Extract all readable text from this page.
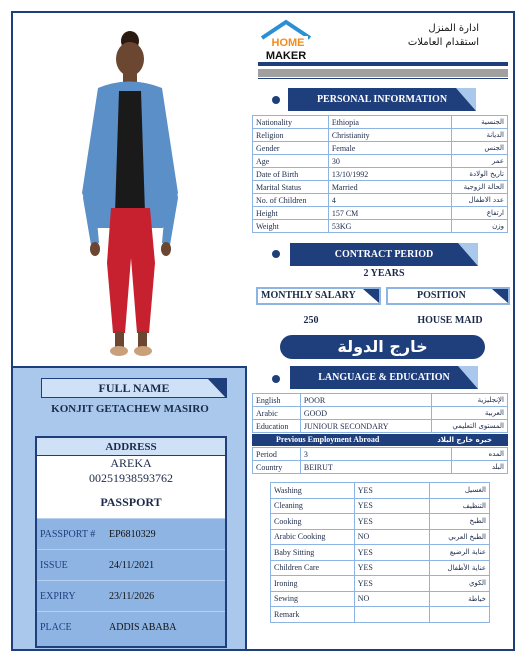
FULL NAME
KONJIT GETACHEW MASIRO
ADDRESS
AREKA
00251938593762
PASSPORT
PASSPORT #	EP6810329
ISSUE	24/11/2021
EXPIRY	23/11/2026
PLACE	ADDIS ABABA
HOME
MAKER
ادارة المنزل
استقدام العاملات
PERSONAL INFORMATION
Nationality	Ethiopia	الجنسية
Religion	Christianity	الديانة
Gender	Female	الجنس
Age	30	عمر
Date of Birth	13/10/1992	تاريخ الولادة
Marital Status	Married	الحالة الزوجية
No. of Children	4	عدد الاطفال
Height	157 CM	ارتفاع
Weight	53KG	وزن
CONTRACT PERIOD
2 YEARS
MONTHLY SALARY	POSITION
250	HOUSE MAID
خارج الدولة
LANGUAGE & EDUCATION
English	POOR	الإنجليزية
Arabic	GOOD	العربية
Education	JUNIOUR SECONDARY	المستوى التعليمي
Previous Employment Abroad	خبره خارج البلاد
Period	3	المده
Country	BEIRUT	البلد
Washing	YES	الغسيل
Cleaning	YES	التنظيف
Cooking	YES	الطبخ
Arabic Cooking	NO	الطبخ العربي
Baby Sitting	YES	عناية الرضيع
Children Care	YES	عناية الأطفال
Ironing	YES	الكوي
Sewing	NO	خياطة
Remark		
